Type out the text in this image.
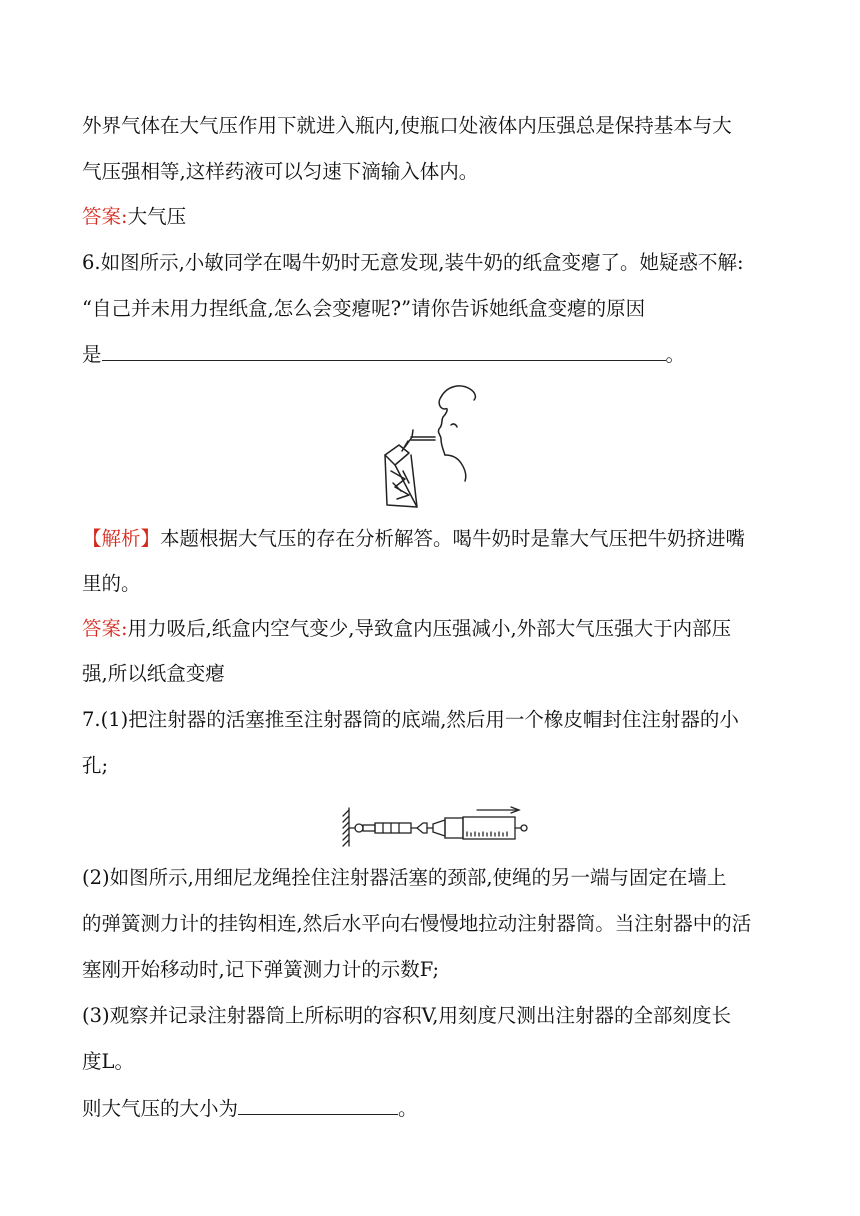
外界气体在大气压作用下就进入瓶内,使瓶口处液体内压强总是保持基本与大
气压强相等,这样药液可以匀速下滴输入体内。
答案:大气压
6.如图所示,小敏同学在喝牛奶时无意发现,装牛奶的纸盒变瘪了。她疑惑不解:
“自己并未用力捏纸盒,怎么会变瘪呢?”请你告诉她纸盒变瘪的原因
是	。
【解析】本题根据大气压的存在分析解答。喝牛奶时是靠大气压把牛奶挤进嘴
里的。
答案:用力吸后,纸盒内空气变少,导致盒内压强减小,外部大气压强大于内部压
强,所以纸盒变瘪
7.(1)把注射器的活塞推至注射器筒的底端,然后用一个橡皮帽封住注射器的小
孔;
(2)如图所示,用细尼龙绳拴住注射器活塞的颈部,使绳的另一端与固定在墙上
的弹簧测力计的挂钩相连,然后水平向右慢慢地拉动注射器筒。当注射器中的活
塞刚开始移动时,记下弹簧测力计的示数F;
(3)观察并记录注射器筒上所标明的容积V,用刻度尺测出注射器的全部刻度长
度L。
则大气压的大小为	。
